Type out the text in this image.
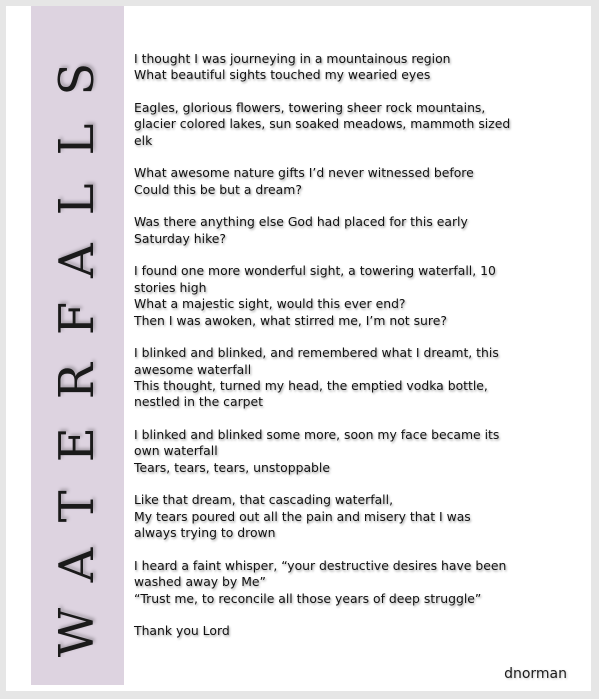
WATERFALLS I thought I was journeying in a mountainous region
What beautiful sights touched my wearied eyes
Eagles, glorious flowers, towering sheer rock mountains, glacier colored lakes, sun soaked meadows, mammoth sized elk
What awesome nature gifts I’d never witnessed before
Could this be but a dream?
Was there anything else God had placed for this early Saturday hike?
I found one more wonderful sight, a towering waterfall, 10 stories high
What a majestic sight, would this ever end?
Then I was awoken, what stirred me, I’m not sure?
I blinked and blinked, and remembered what I dreamt, this awesome waterfall
This thought, turned my head, the emptied vodka bottle, nestled in the carpet
I blinked and blinked some more, soon my face became its own waterfall
Tears, tears, tears, unstoppable
Like that dream, that cascading waterfall,
My tears poured out all the pain and misery that I was always trying to drown
I heard a faint whisper, “your destructive desires have been washed away by Me”
“Trust me, to reconcile all those years of deep struggle”
Thank you Lord
dnorman
